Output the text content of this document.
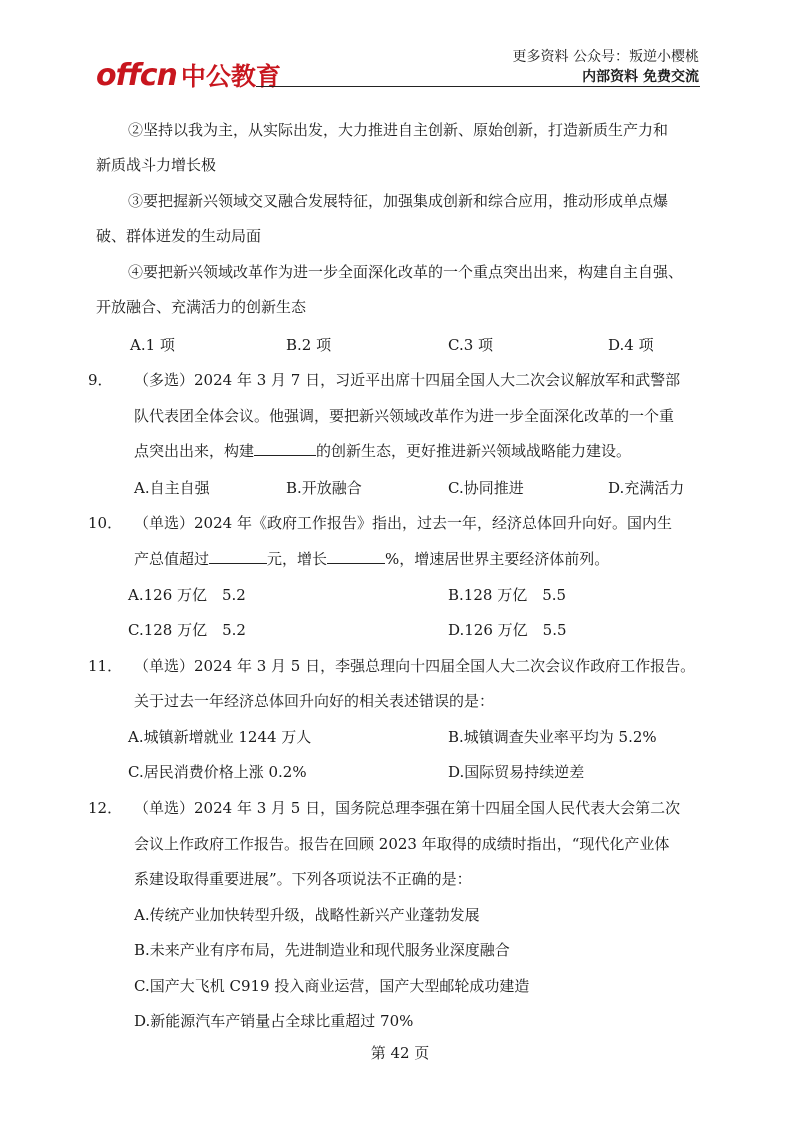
offcn 中公教育
更多资料 公众号：叛逆小樱桃
内部资料 免费交流
②坚持以我为主，从实际出发，大力推进自主创新、原始创新，打造新质生产力和
新质战斗力增长极
③要把握新兴领域交叉融合发展特征，加强集成创新和综合应用，推动形成单点爆
破、群体迸发的生动局面
④要把新兴领域改革作为进一步全面深化改革的一个重点突出出来，构建自主自强、
开放融合、充满活力的创新生态
A.1 项	B.2 项	C.3 项	D.4 项
9． （多选）2024 年 3 月 7 日，习近平出席十四届全国人大二次会议解放军和武警部
队代表团全体会议。他强调，要把新兴领域改革作为进一步全面深化改革的一个重
点突出出来，构建	的创新生态，更好推进新兴领域战略能力建设。
A.自主自强	B.开放融合	C.协同推进	D.充满活力
10． （单选）2024 年《政府工作报告》指出，过去一年，经济总体回升向好。国内生
产总值超过	元，增长	%，增速居世界主要经济体前列。
A.126 万亿　5.2	B.128 万亿　5.5
C.128 万亿　5.2	D.126 万亿　5.5
11． （单选）2024 年 3 月 5 日，李强总理向十四届全国人大二次会议作政府工作报告。
关于过去一年经济总体回升向好的相关表述错误的是：
A.城镇新增就业 1244 万人	B.城镇调查失业率平均为 5.2%
C.居民消费价格上涨 0.2%	D.国际贸易持续逆差
12． （单选）2024 年 3 月 5 日，国务院总理李强在第十四届全国人民代表大会第二次
会议上作政府工作报告。报告在回顾 2023 年取得的成绩时指出，“现代化产业体
系建设取得重要进展”。下列各项说法不正确的是：
A.传统产业加快转型升级，战略性新兴产业蓬勃发展
B.未来产业有序布局，先进制造业和现代服务业深度融合
C.国产大飞机 C919 投入商业运营，国产大型邮轮成功建造
D.新能源汽车产销量占全球比重超过 70%
第 42 页
